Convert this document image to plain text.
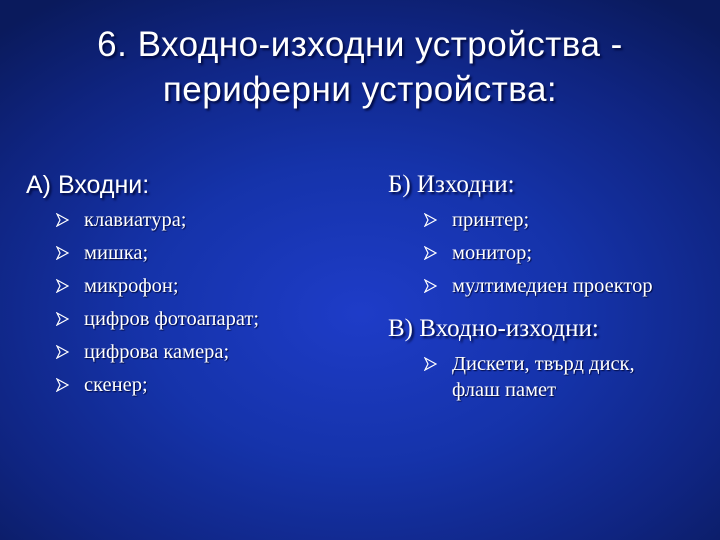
6. Входно-изходни устройства -
периферни устройства:
А) Входни:
клавиатура;
мишка;
микрофон;
цифров фотоапарат;
цифрова камера;
скенер;
Б) Изходни:
принтер;
монитор;
мултимедиен проектор
В) Входно-изходни:
Дискети, твърд диск, флаш памет
